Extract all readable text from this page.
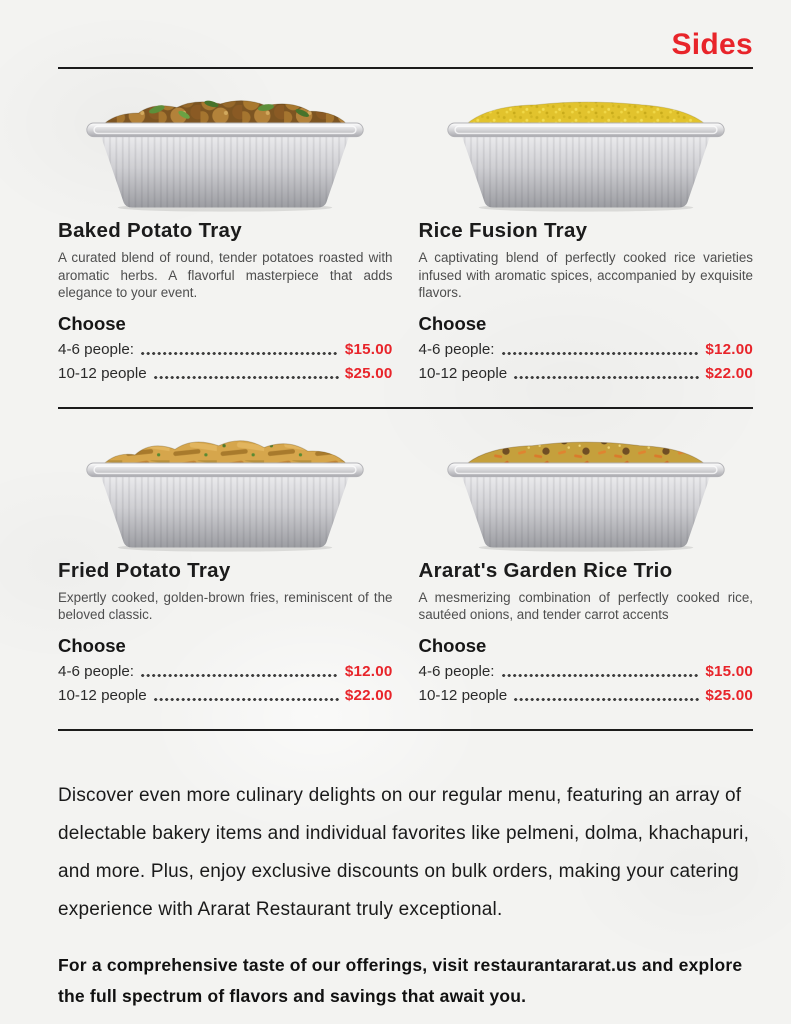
Sides
Baked Potato Tray

A curated blend of round, tender potatoes roasted with aromatic herbs. A flavorful masterpiece that adds elegance to your event.

Choose
4-6 people:	$15.00
10-12 people	$25.00
Rice Fusion Tray

A captivating blend of perfectly cooked rice varieties infused with aromatic spices, accompanied by exquisite flavors.

Choose
4-6 people:	$12.00
10-12 people	$22.00
Fried Potato Tray

Expertly cooked, golden-brown fries, reminiscent of the beloved classic.

Choose
4-6 people:	$12.00
10-12 people	$22.00
Ararat's Garden Rice Trio

A mesmerizing combination of perfectly cooked rice, sautéed onions, and tender carrot accents

Choose
4-6 people:	$15.00
10-12 people	$25.00

Discover even more culinary delights on our regular menu, featuring an array of delectable bakery items and individual favorites like pelmeni, dolma, khachapuri, and more. Plus, enjoy exclusive discounts on bulk orders, making your catering experience with Ararat Restaurant truly exceptional.

For a comprehensive taste of our offerings, visit restaurantararat.us and explore the full spectrum of flavors and savings that await you.
